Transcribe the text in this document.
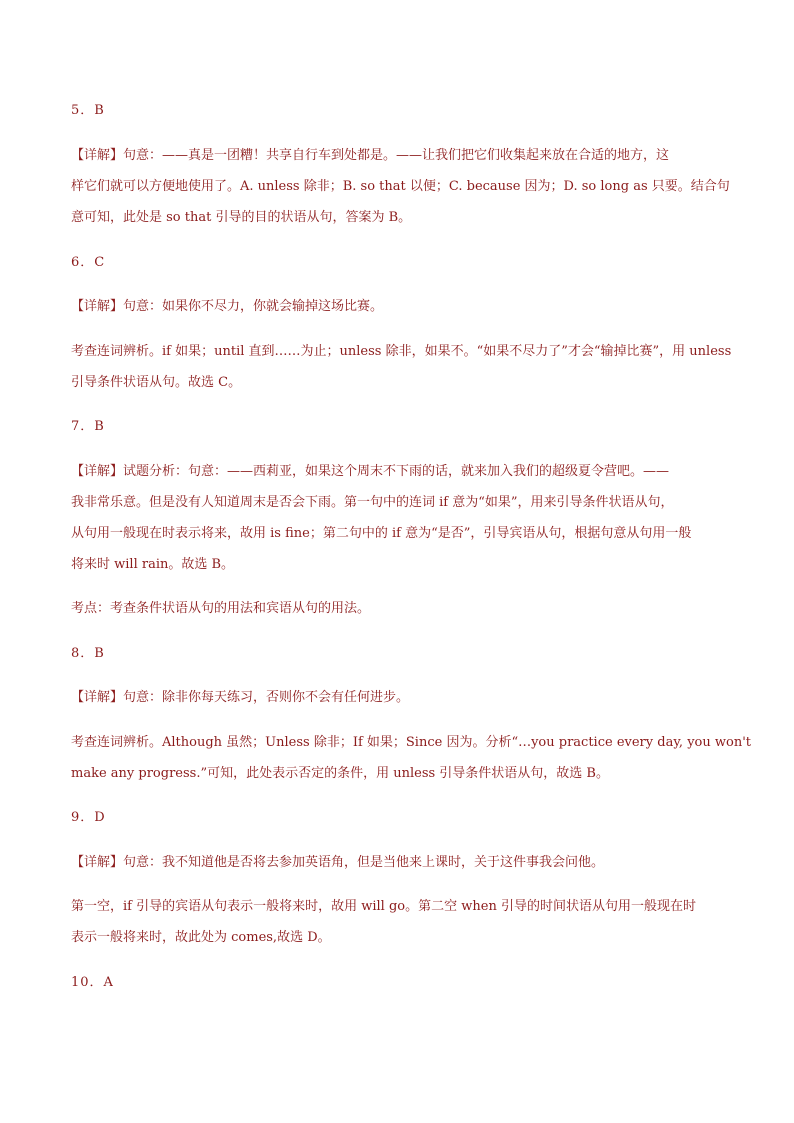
5．B
【详解】句意：——真是一团糟！共享自行车到处都是。——让我们把它们收集起来放在合适的地方，这
样它们就可以方便地使用了。A. unless 除非；B. so that 以便；C. because 因为；D. so long as 只要。结合句
意可知，此处是 so that 引导的目的状语从句，答案为 B。
6．C
【详解】句意：如果你不尽力，你就会输掉这场比赛。
考查连词辨析。if 如果；until 直到……为止；unless 除非，如果不。“如果不尽力了”才会“输掉比赛”，用 unless
引导条件状语从句。故选 C。
7．B
【详解】试题分析：句意：——西莉亚，如果这个周末不下雨的话，就来加入我们的超级夏令营吧。——
我非常乐意。但是没有人知道周末是否会下雨。第一句中的连词 if 意为“如果”，用来引导条件状语从句，
从句用一般现在时表示将来，故用 is fine；第二句中的 if 意为“是否”，引导宾语从句，根据句意从句用一般
将来时 will rain。故选 B。
考点：考查条件状语从句的用法和宾语从句的用法。
8．B
【详解】句意：除非你每天练习，否则你不会有任何进步。
考查连词辨析。Although 虽然；Unless 除非；If 如果；Since 因为。分析“…you practice every day, you won't
make any progress.”可知，此处表示否定的条件，用 unless 引导条件状语从句，故选 B。
9．D
【详解】句意：我不知道他是否将去参加英语角，但是当他来上课时，关于这件事我会问他。
第一空，if 引导的宾语从句表示一般将来时，故用 will go。第二空 when 引导的时间状语从句用一般现在时
表示一般将来时，故此处为 comes,故选 D。
10．A
